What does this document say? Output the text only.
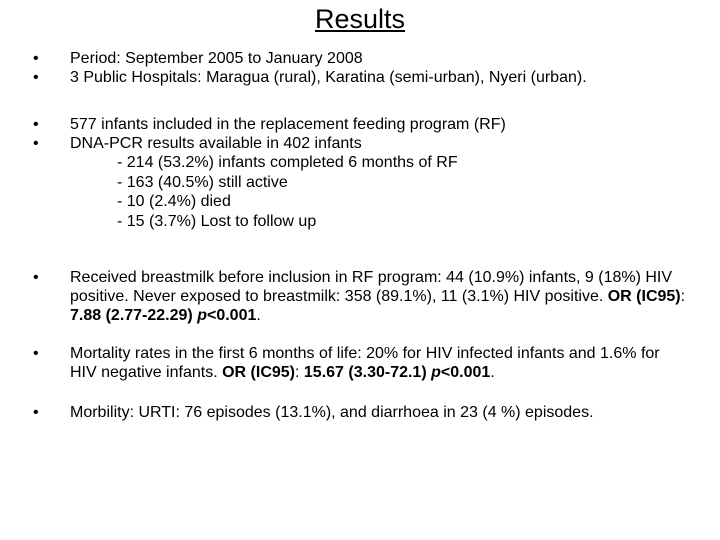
Results
• Period: September 2005 to January 2008
• 3 Public Hospitals: Maragua (rural), Karatina (semi-urban), Nyeri (urban).
• 577 infants included in the replacement feeding program (RF)
• DNA-PCR results available in 402 infants
- 214 (53.2%) infants completed 6 months of RF
- 163 (40.5%) still active
- 10 (2.4%) died
- 15 (3.7%) Lost to follow up
• Received breastmilk before inclusion in RF program: 44 (10.9%) infants, 9 (18%) HIV positive. Never exposed to breastmilk: 358 (89.1%), 11 (3.1%) HIV positive. OR (IC95): 7.88 (2.77-22.29) p<0.001.
• Mortality rates in the first 6 months of life: 20% for HIV infected infants and 1.6% for HIV negative infants. OR (IC95): 15.67 (3.30-72.1) p<0.001.
• Morbility: URTI: 76 episodes (13.1%), and diarrhoea in 23 (4 %) episodes.
